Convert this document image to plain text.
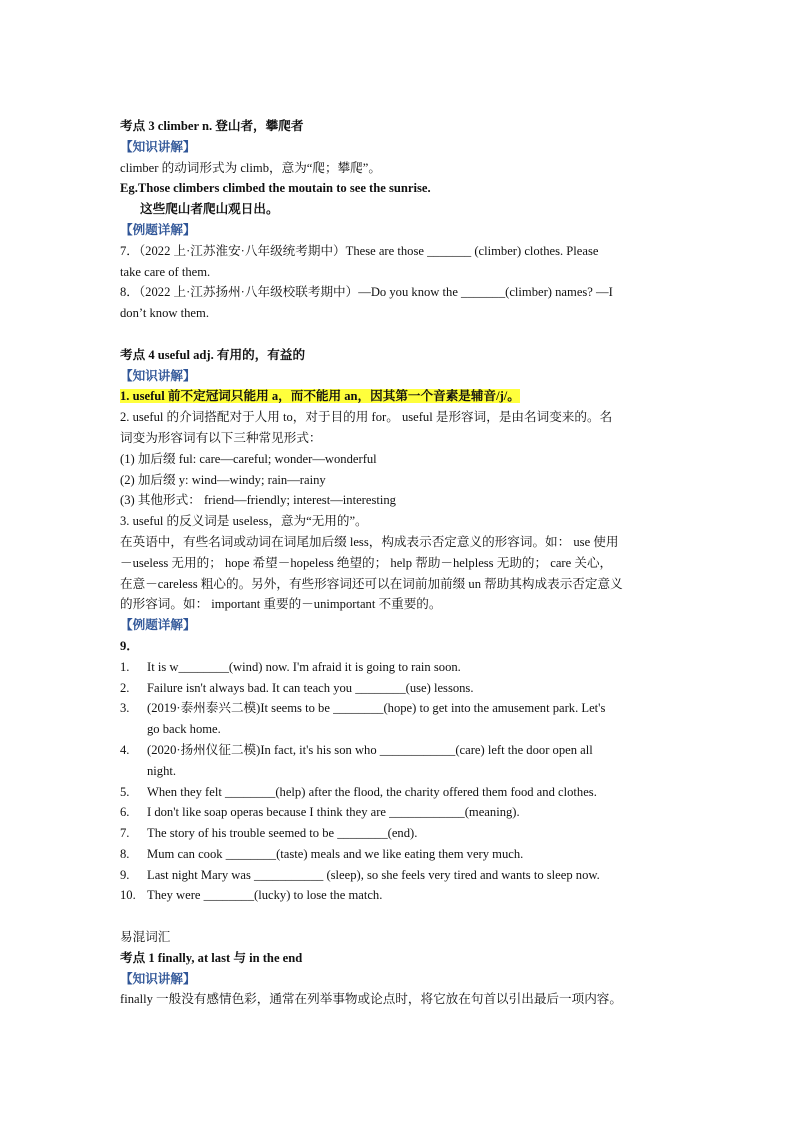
考点 3 climber n. 登山者，攀爬者
【知识讲解】
climber 的动词形式为 climb，意为“爬；攀爬”。
Eg.Those climbers climbed the moutain to see the sunrise.
这些爬山者爬山观日出。
【例题详解】
7．（2022 上·江苏淮安·八年级统考期中）These are those _______ (climber) clothes. Please
take care of them.
8．（2022 上·江苏扬州·八年级校联考期中）—Do you know the _______(climber) names? —I
don’t know them.
考点 4 useful adj. 有用的，有益的
【知识讲解】
1. useful 前不定冠词只能用 a，而不能用 an，因其第一个音素是辅音/j/。
2. useful 的介词搭配对于人用 to，对于目的用 for。 useful 是形容词，是由名词变来的。名
词变为形容词有以下三种常见形式：
(1) 加后缀 ful: care—careful; wonder—wonderful
(2) 加后缀 y: wind—windy; rain—rainy
(3) 其他形式： friend—friendly; interest—interesting
3. useful 的反义词是 useless，意为“无用的”。
在英语中，有些名词或动词在词尾加后缀 less，构成表示否定意义的形容词。如： use 使用
－useless 无用的； hope 希望－hopeless 绝望的； help 帮助－helpless 无助的； care 关心，
在意－careless 粗心的。另外，有些形容词还可以在词前加前缀 un 帮助其构成表示否定意义
的形容词。如： important 重要的－unimportant 不重要的。
【例题详解】
9．
1. It is w________(wind) now. I'm afraid it is going to rain soon.
2. Failure isn't always bad. It can teach you ________(use) lessons.
3. (2019·泰州泰兴二模)It seems to be ________(hope) to get into the amusement park. Let's
go back home.
4. (2020·扬州仪征二模)In fact, it's his son who ____________(care) left the door open all
night.
5. When they felt ________(help) after the flood, the charity offered them food and clothes.
6. I don't like soap operas because I think they are ____________(meaning).
7. The story of his trouble seemed to be ________(end).
8. Mum can cook ________(taste) meals and we like eating them very much.
9. Last night Mary was ___________ (sleep), so she feels very tired and wants to sleep now.
10. They were ________(lucky) to lose the match.
易混词汇
考点 1 finally, at last 与 in the end
【知识讲解】
finally 一般没有感情色彩，通常在列举事物或论点时，将它放在句首以引出最后一项内容。
